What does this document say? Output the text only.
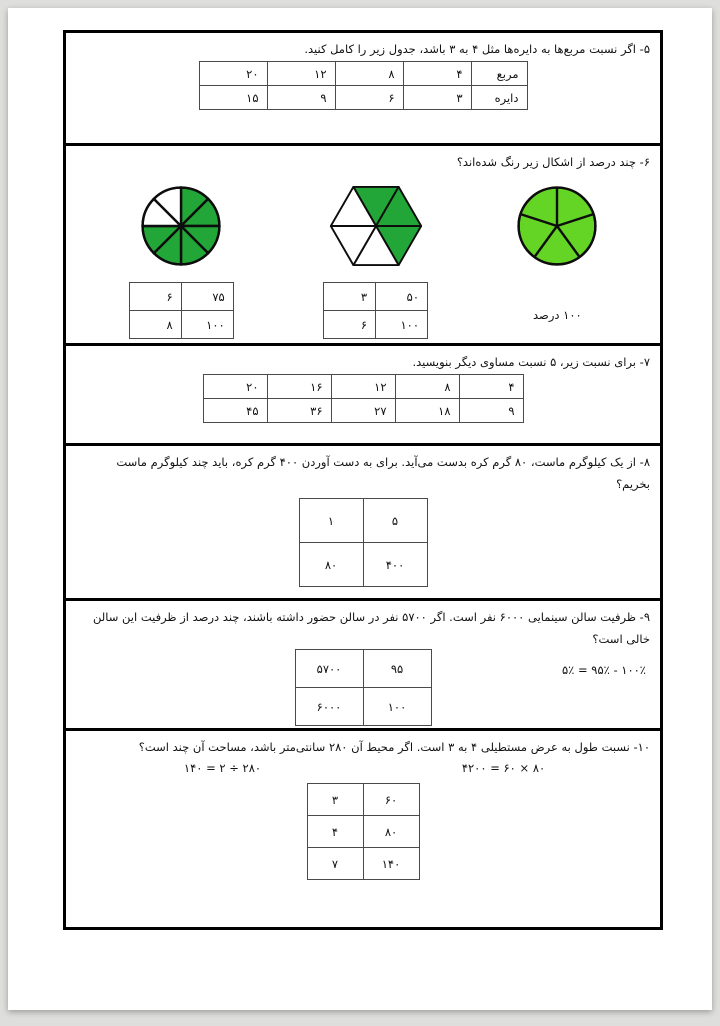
۵- اگر نسبت مربع‌ها به دایره‌ها مثل ۴ به ۳ باشد، جدول زیر را کامل کنید.
مربع	۴	۸	۱۲	۲۰
دایره	۳	۶	۹	۱۵
۶- چند درصد از اشکال زیر رنگ شده‌اند؟
۷۵	۶
۱۰۰	۸
۵۰	۳
۱۰۰	۶
۱۰۰ درصد
۷- برای نسبت زیر، ۵ نسبت مساوی دیگر بنویسید.
۴	۸	۱۲	۱۶	۲۰
۹	۱۸	۲۷	۳۶	۴۵
۸- از یک کیلوگرم ماست، ۸۰ گرم کره بدست می‌آید. برای به دست آوردن ۴۰۰ گرم کره، باید چند کیلوگرم ماست
بخریم؟
۵	۱
۴۰۰	۸۰
۹- ظرفیت سالن سینمایی ۶۰۰۰ نفر است. اگر ۵۷۰۰ نفر در سالن حضور داشته باشند، چند درصد از ظرفیت این سالن
خالی است؟
۱۰۰٪ - ۹۵٪ = ۵٪
۹۵	۵۷۰۰
۱۰۰	۶۰۰۰
۱۰- نسبت طول به عرض مستطیلی ۴ به ۳ است. اگر محیط آن ۲۸۰ سانتی‌متر باشد، مساحت آن چند است؟
۲۸۰ ÷ ۲ = ۱۴۰	۸۰ × ۶۰ = ۴۲۰۰
۶۰	۳
۸۰	۴
۱۴۰	۷
